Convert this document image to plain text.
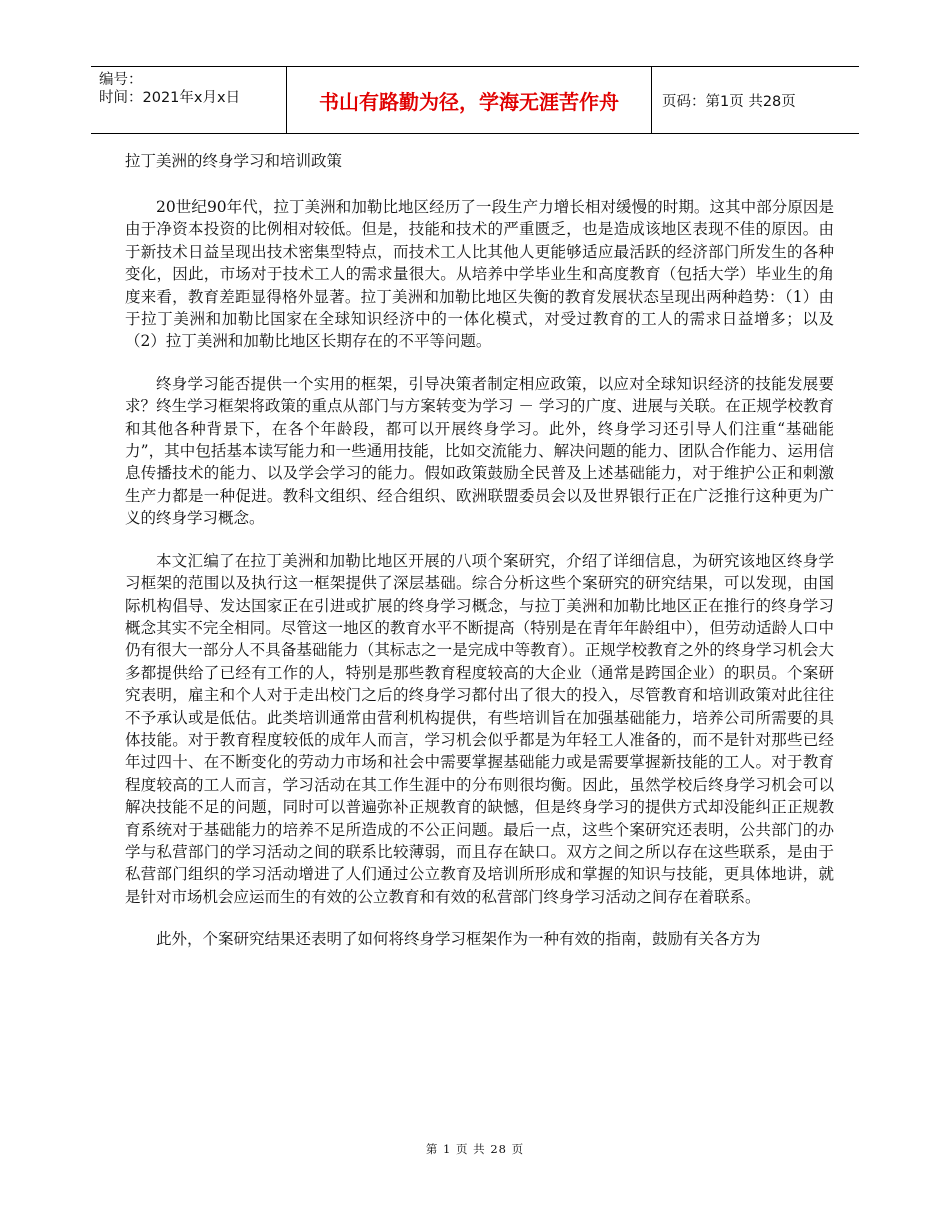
编号：
时间：2021年x月x日	书山有路勤为径，学海无涯苦作舟	页码：第1页 共28页
拉丁美洲的终身学习和培训政策

20世纪90年代，拉丁美洲和加勒比地区经历了一段生产力增长相对缓慢的时期。这其中部分原因是由于净资本投资的比例相对较低。但是，技能和技术的严重匮乏，也是造成该地区表现不佳的原因。由于新技术日益呈现出技术密集型特点，而技术工人比其他人更能够适应最活跃的经济部门所发生的各种变化，因此，市场对于技术工人的需求量很大。从培养中学毕业生和高度教育（包括大学）毕业生的角度来看，教育差距显得格外显著。拉丁美洲和加勒比地区失衡的教育发展状态呈现出两种趋势：（1）由于拉丁美洲和加勒比国家在全球知识经济中的一体化模式，对受过教育的工人的需求日益增多；以及（2）拉丁美洲和加勒比地区长期存在的不平等问题。

终身学习能否提供一个实用的框架，引导决策者制定相应政策，以应对全球知识经济的技能发展要求？终生学习框架将政策的重点从部门与方案转变为学习 － 学习的广度、进展与关联。在正规学校教育和其他各种背景下，在各个年龄段，都可以开展终身学习。此外，终身学习还引导人们注重“基础能力”，其中包括基本读写能力和一些通用技能，比如交流能力、解决问题的能力、团队合作能力、运用信息传播技术的能力、以及学会学习的能力。假如政策鼓励全民普及上述基础能力，对于维护公正和刺激生产力都是一种促进。教科文组织、经合组织、欧洲联盟委员会以及世界银行正在广泛推行这种更为广义的终身学习概念。

本文汇编了在拉丁美洲和加勒比地区开展的八项个案研究，介绍了详细信息，为研究该地区终身学习框架的范围以及执行这一框架提供了深层基础。综合分析这些个案研究的研究结果，可以发现，由国际机构倡导、发达国家正在引进或扩展的终身学习概念，与拉丁美洲和加勒比地区正在推行的终身学习概念其实不完全相同。尽管这一地区的教育水平不断提高（特别是在青年年龄组中），但劳动适龄人口中仍有很大一部分人不具备基础能力（其标志之一是完成中等教育）。正规学校教育之外的终身学习机会大多都提供给了已经有工作的人，特别是那些教育程度较高的大企业（通常是跨国企业）的职员。个案研究表明，雇主和个人对于走出校门之后的终身学习都付出了很大的投入，尽管教育和培训政策对此往往不予承认或是低估。此类培训通常由营利机构提供，有些培训旨在加强基础能力，培养公司所需要的具体技能。对于教育程度较低的成年人而言，学习机会似乎都是为年轻工人准备的，而不是针对那些已经年过四十、在不断变化的劳动力市场和社会中需要掌握基础能力或是需要掌握新技能的工人。对于教育程度较高的工人而言，学习活动在其工作生涯中的分布则很均衡。因此，虽然学校后终身学习机会可以解决技能不足的问题，同时可以普遍弥补正规教育的缺憾，但是终身学习的提供方式却没能纠正正规教育系统对于基础能力的培养不足所造成的不公正问题。最后一点，这些个案研究还表明，公共部门的办学与私营部门的学习活动之间的联系比较薄弱，而且存在缺口。双方之间之所以存在这些联系，是由于私营部门组织的学习活动增进了人们通过公立教育及培训所形成和掌握的知识与技能，更具体地讲，就是针对市场机会应运而生的有效的公立教育和有效的私营部门终身学习活动之间存在着联系。

此外，个案研究结果还表明了如何将终身学习框架作为一种有效的指南，鼓励有关各方为

第 1 页 共 28 页
